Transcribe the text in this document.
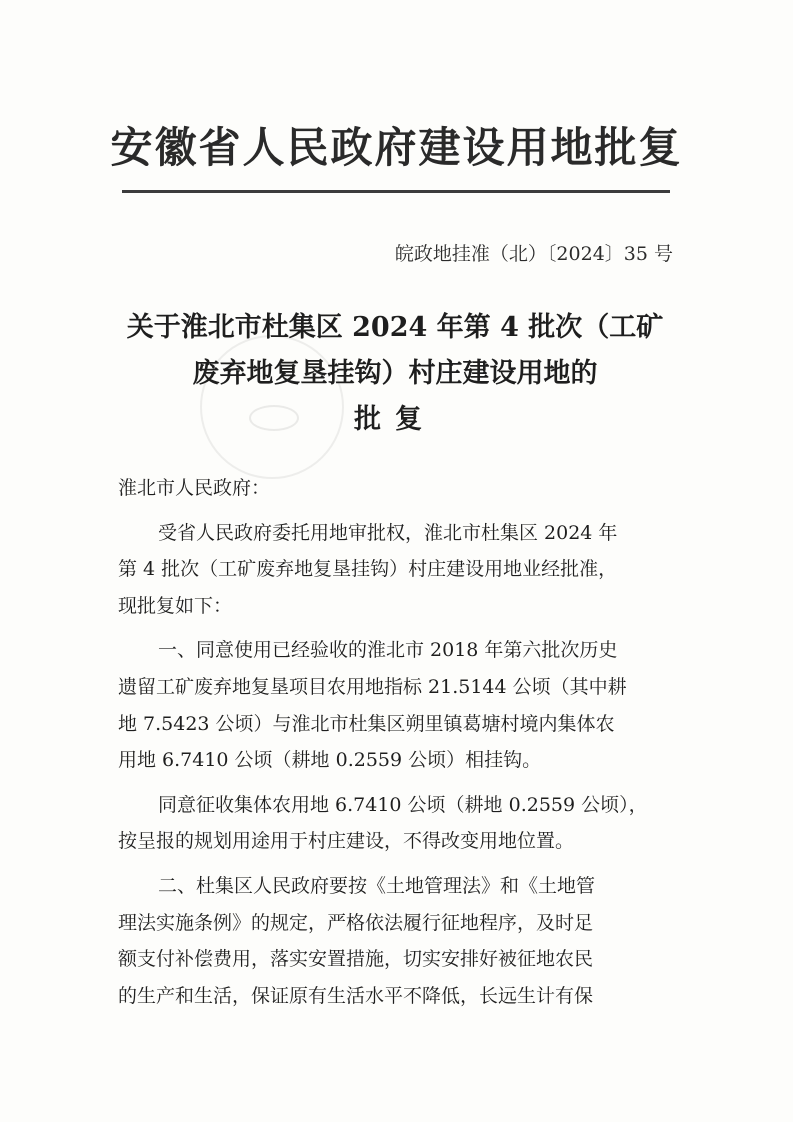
安徽省人民政府建设用地批复
皖政地挂准（北）〔2024〕35 号
关于淮北市杜集区 2024 年第 4 批次（工矿
废弃地复垦挂钩）村庄建设用地的
批复
淮北市人民政府：
受省人民政府委托用地审批权，淮北市杜集区 2024 年
第 4 批次（工矿废弃地复垦挂钩）村庄建设用地业经批准，
现批复如下：
一、同意使用已经验收的淮北市 2018 年第六批次历史
遗留工矿废弃地复垦项目农用地指标 21.5144 公顷（其中耕
地 7.5423 公顷）与淮北市杜集区朔里镇葛塘村境内集体农
用地 6.7410 公顷（耕地 0.2559 公顷）相挂钩。
同意征收集体农用地 6.7410 公顷（耕地 0.2559 公顷），
按呈报的规划用途用于村庄建设，不得改变用地位置。
二、杜集区人民政府要按《土地管理法》和《土地管
理法实施条例》的规定，严格依法履行征地程序，及时足
额支付补偿费用，落实安置措施，切实安排好被征地农民
的生产和生活，保证原有生活水平不降低，长远生计有保
